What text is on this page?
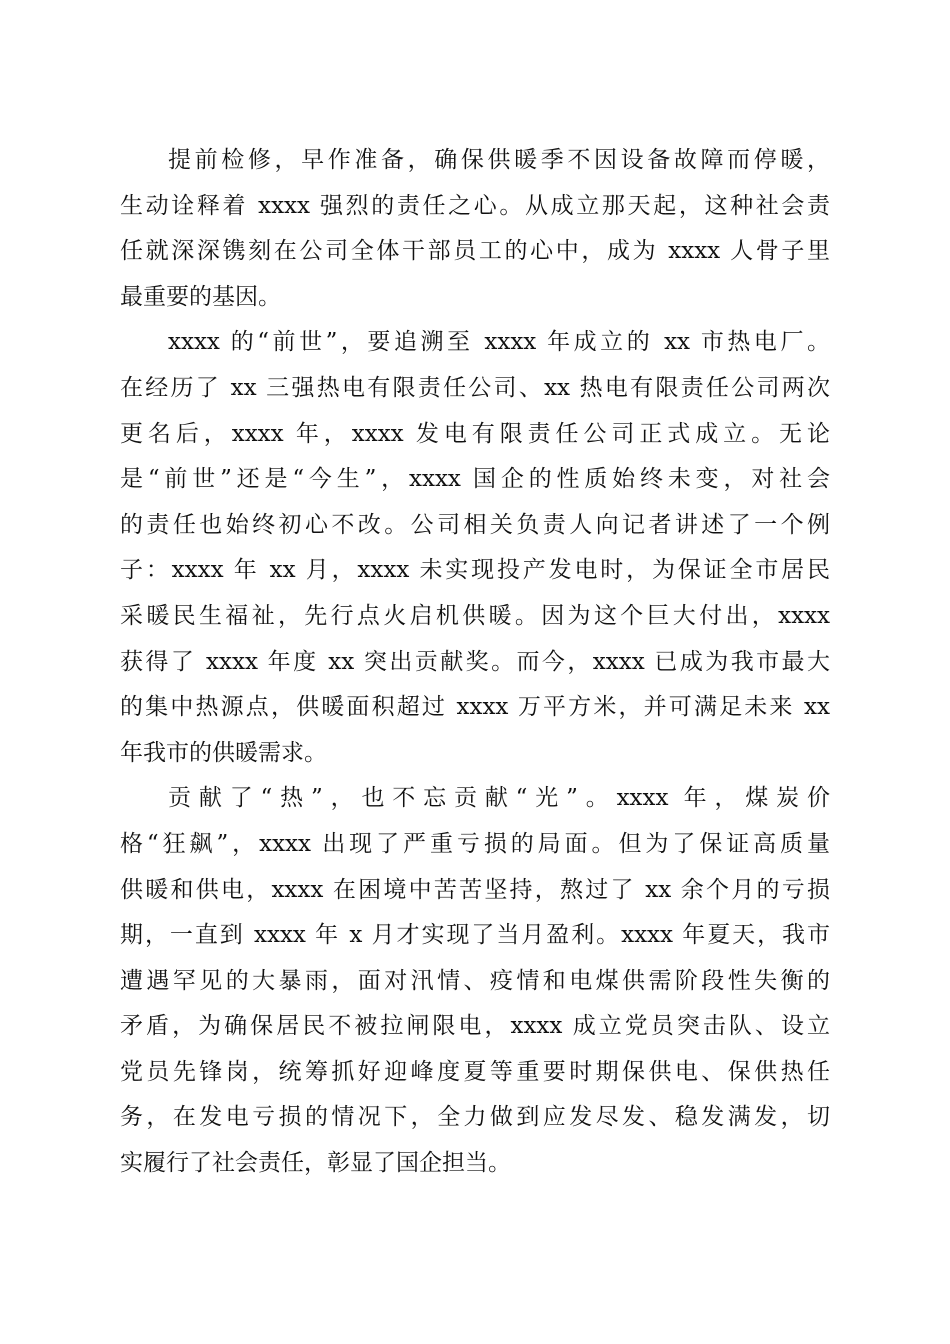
提前检修，早作准备，确保供暖季不因设备故障而停暖，
生动诠释着 xxxx 强烈的责任之心。从成立那天起，这种社会责
任就深深镌刻在公司全体干部员工的心中，成为 xxxx 人骨子里
最重要的基因。
xxxx 的“前世”，要追溯至 xxxx 年成立的 xx 市热电厂。
在经历了 xx 三强热电有限责任公司、xx 热电有限责任公司两次
更名后，xxxx 年，xxxx 发电有限责任公司正式成立。无论
是“前世”还是“今生”，xxxx 国企的性质始终未变，对社会
的责任也始终初心不改。公司相关负责人向记者讲述了一个例
子：xxxx 年 xx 月，xxxx 未实现投产发电时，为保证全市居民
采暖民生福祉，先行点火启机供暖。因为这个巨大付出，xxxx
获得了 xxxx 年度 xx 突出贡献奖。而今，xxxx 已成为我市最大
的集中热源点，供暖面积超过 xxxx 万平方米，并可满足未来 xx
年我市的供暖需求。
贡献了“热”，也不忘贡献“光”。xxxx 年，煤炭价
格“狂飙”，xxxx 出现了严重亏损的局面。但为了保证高质量
供暖和供电，xxxx 在困境中苦苦坚持，熬过了 xx 余个月的亏损
期，一直到 xxxx 年 x 月才实现了当月盈利。xxxx 年夏天，我市
遭遇罕见的大暴雨，面对汛情、疫情和电煤供需阶段性失衡的
矛盾，为确保居民不被拉闸限电，xxxx 成立党员突击队、设立
党员先锋岗，统筹抓好迎峰度夏等重要时期保供电、保供热任
务，在发电亏损的情况下，全力做到应发尽发、稳发满发，切
实履行了社会责任，彰显了国企担当。
